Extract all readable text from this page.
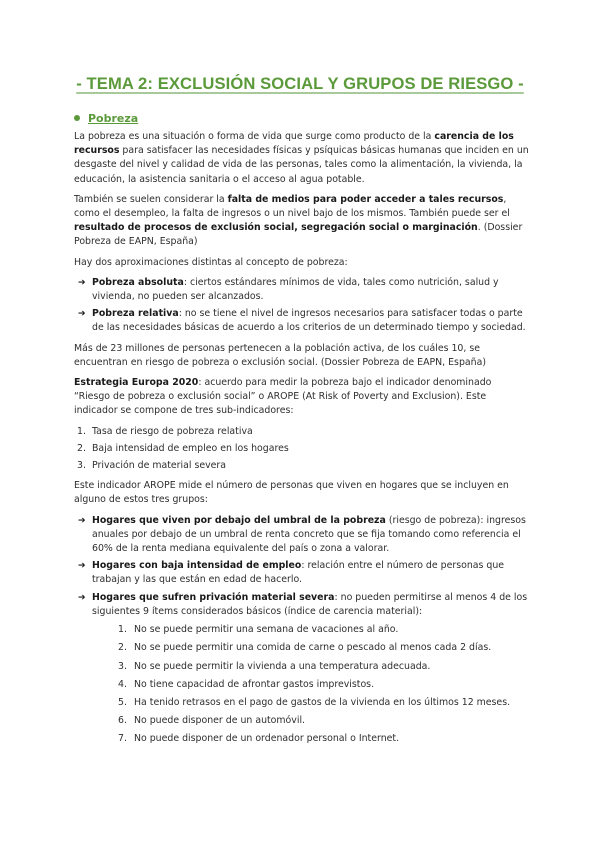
- TEMA 2: EXCLUSIÓN SOCIAL Y GRUPOS DE RIESGO -
Pobreza

La pobreza es una situación o forma de vida que surge como producto de la carencia de los recursos para satisfacer las necesidades físicas y psíquicas básicas humanas que inciden en un desgaste del nivel y calidad de vida de las personas, tales como la alimentación, la vivienda, la educación, la asistencia sanitaria o el acceso al agua potable.

También se suelen considerar la falta de medios para poder acceder a tales recursos, como el desempleo, la falta de ingresos o un nivel bajo de los mismos. También puede ser el resultado de procesos de exclusión social, segregación social o marginación. (Dossier Pobreza de EAPN, España)

Hay dos aproximaciones distintas al concepto de pobreza:

➔ Pobreza absoluta: ciertos estándares mínimos de vida, tales como nutrición, salud y vivienda, no pueden ser alcanzados.
➔ Pobreza relativa: no se tiene el nivel de ingresos necesarios para satisfacer todas o parte de las necesidades básicas de acuerdo a los criterios de un determinado tiempo y sociedad.

Más de 23 millones de personas pertenecen a la población activa, de los cuáles 10, se encuentran en riesgo de pobreza o exclusión social. (Dossier Pobreza de EAPN, España)

Estrategia Europa 2020: acuerdo para medir la pobreza bajo el indicador denominado “Riesgo de pobreza o exclusión social” o AROPE (At Risk of Poverty and Exclusion). Este indicador se compone de tres sub-indicadores:

1. Tasa de riesgo de pobreza relativa
2. Baja intensidad de empleo en los hogares
3. Privación de material severa

Este indicador AROPE mide el número de personas que viven en hogares que se incluyen en alguno de estos tres grupos:

➔ Hogares que viven por debajo del umbral de la pobreza (riesgo de pobreza): ingresos anuales por debajo de un umbral de renta concreto que se fija tomando como referencia el 60% de la renta mediana equivalente del país o zona a valorar.
➔ Hogares con baja intensidad de empleo: relación entre el número de personas que trabajan y las que están en edad de hacerlo.
➔ Hogares que sufren privación material severa: no pueden permitirse al menos 4 de los siguientes 9 ítems considerados básicos (índice de carencia material):
1. No se puede permitir una semana de vacaciones al año.
2. No se puede permitir una comida de carne o pescado al menos cada 2 días.
3. No se puede permitir la vivienda a una temperatura adecuada.
4. No tiene capacidad de afrontar gastos imprevistos.
5. Ha tenido retrasos en el pago de gastos de la vivienda en los últimos 12 meses.
6. No puede disponer de un automóvil.
7. No puede disponer de un ordenador personal o Internet.
